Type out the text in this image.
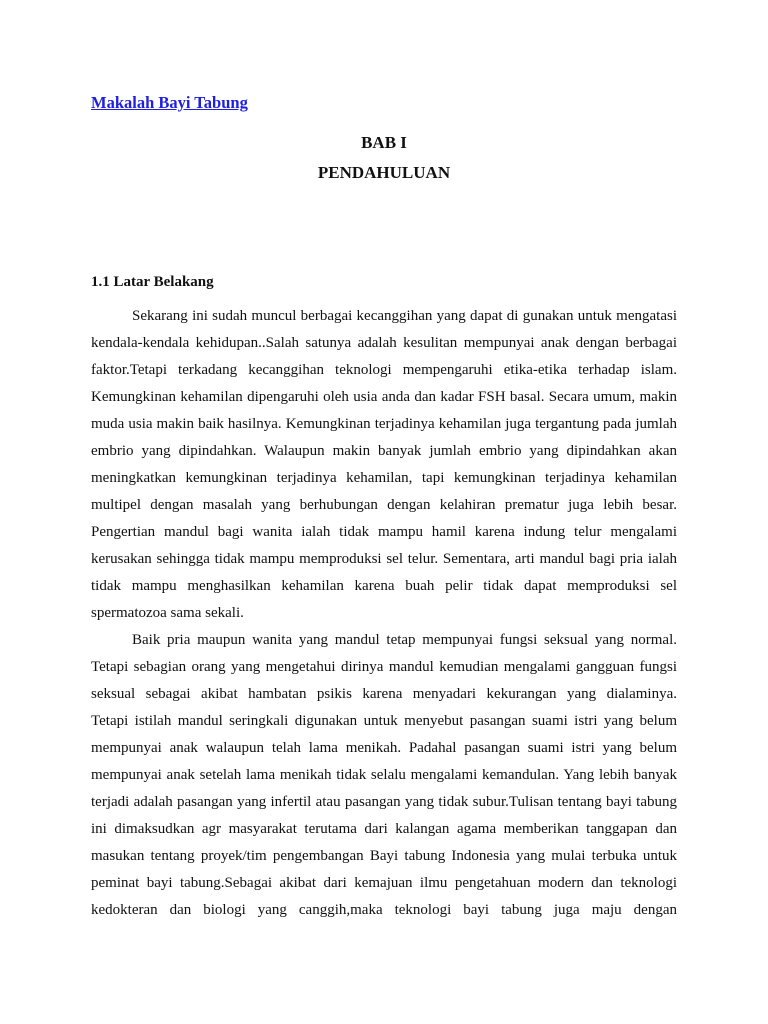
Makalah Bayi Tabung
BAB I
PENDAHULUAN
1.1 Latar Belakang
Sekarang ini sudah muncul berbagai kecanggihan yang dapat di gunakan untuk mengatasi
kendala-kendala kehidupan..Salah satunya adalah kesulitan mempunyai anak dengan berbagai
faktor.Tetapi terkadang kecanggihan teknologi mempengaruhi etika-etika terhadap islam.
Kemungkinan kehamilan dipengaruhi oleh usia anda dan kadar FSH basal. Secara umum, makin
muda usia makin baik hasilnya. Kemungkinan terjadinya kehamilan juga tergantung pada jumlah
embrio yang dipindahkan. Walaupun makin banyak jumlah embrio yang dipindahkan akan
meningkatkan kemungkinan terjadinya kehamilan, tapi kemungkinan terjadinya kehamilan
multipel dengan masalah yang berhubungan dengan kelahiran prematur juga lebih besar.
Pengertian mandul bagi wanita ialah tidak mampu hamil karena indung telur mengalami
kerusakan sehingga tidak mampu memproduksi sel telur. Sementara, arti mandul bagi pria ialah
tidak mampu menghasilkan kehamilan karena buah pelir tidak dapat memproduksi sel
spermatozoa sama sekali.
Baik pria maupun wanita yang mandul tetap mempunyai fungsi seksual yang normal.
Tetapi sebagian orang yang mengetahui dirinya mandul kemudian mengalami gangguan fungsi
seksual sebagai akibat hambatan psikis karena menyadari kekurangan yang dialaminya.
Tetapi istilah mandul seringkali digunakan untuk menyebut pasangan suami istri yang belum
mempunyai anak walaupun telah lama menikah. Padahal pasangan suami istri yang belum
mempunyai anak setelah lama menikah tidak selalu mengalami kemandulan. Yang lebih banyak
terjadi adalah pasangan yang infertil atau pasangan yang tidak subur.Tulisan tentang bayi tabung
ini dimaksudkan agr masyarakat terutama dari kalangan agama memberikan tanggapan dan
masukan tentang proyek/tim pengembangan Bayi tabung Indonesia yang mulai terbuka untuk
peminat bayi tabung.Sebagai akibat dari kemajuan ilmu pengetahuan modern dan teknologi
kedokteran dan biologi yang canggih,maka teknologi bayi tabung juga maju dengan
